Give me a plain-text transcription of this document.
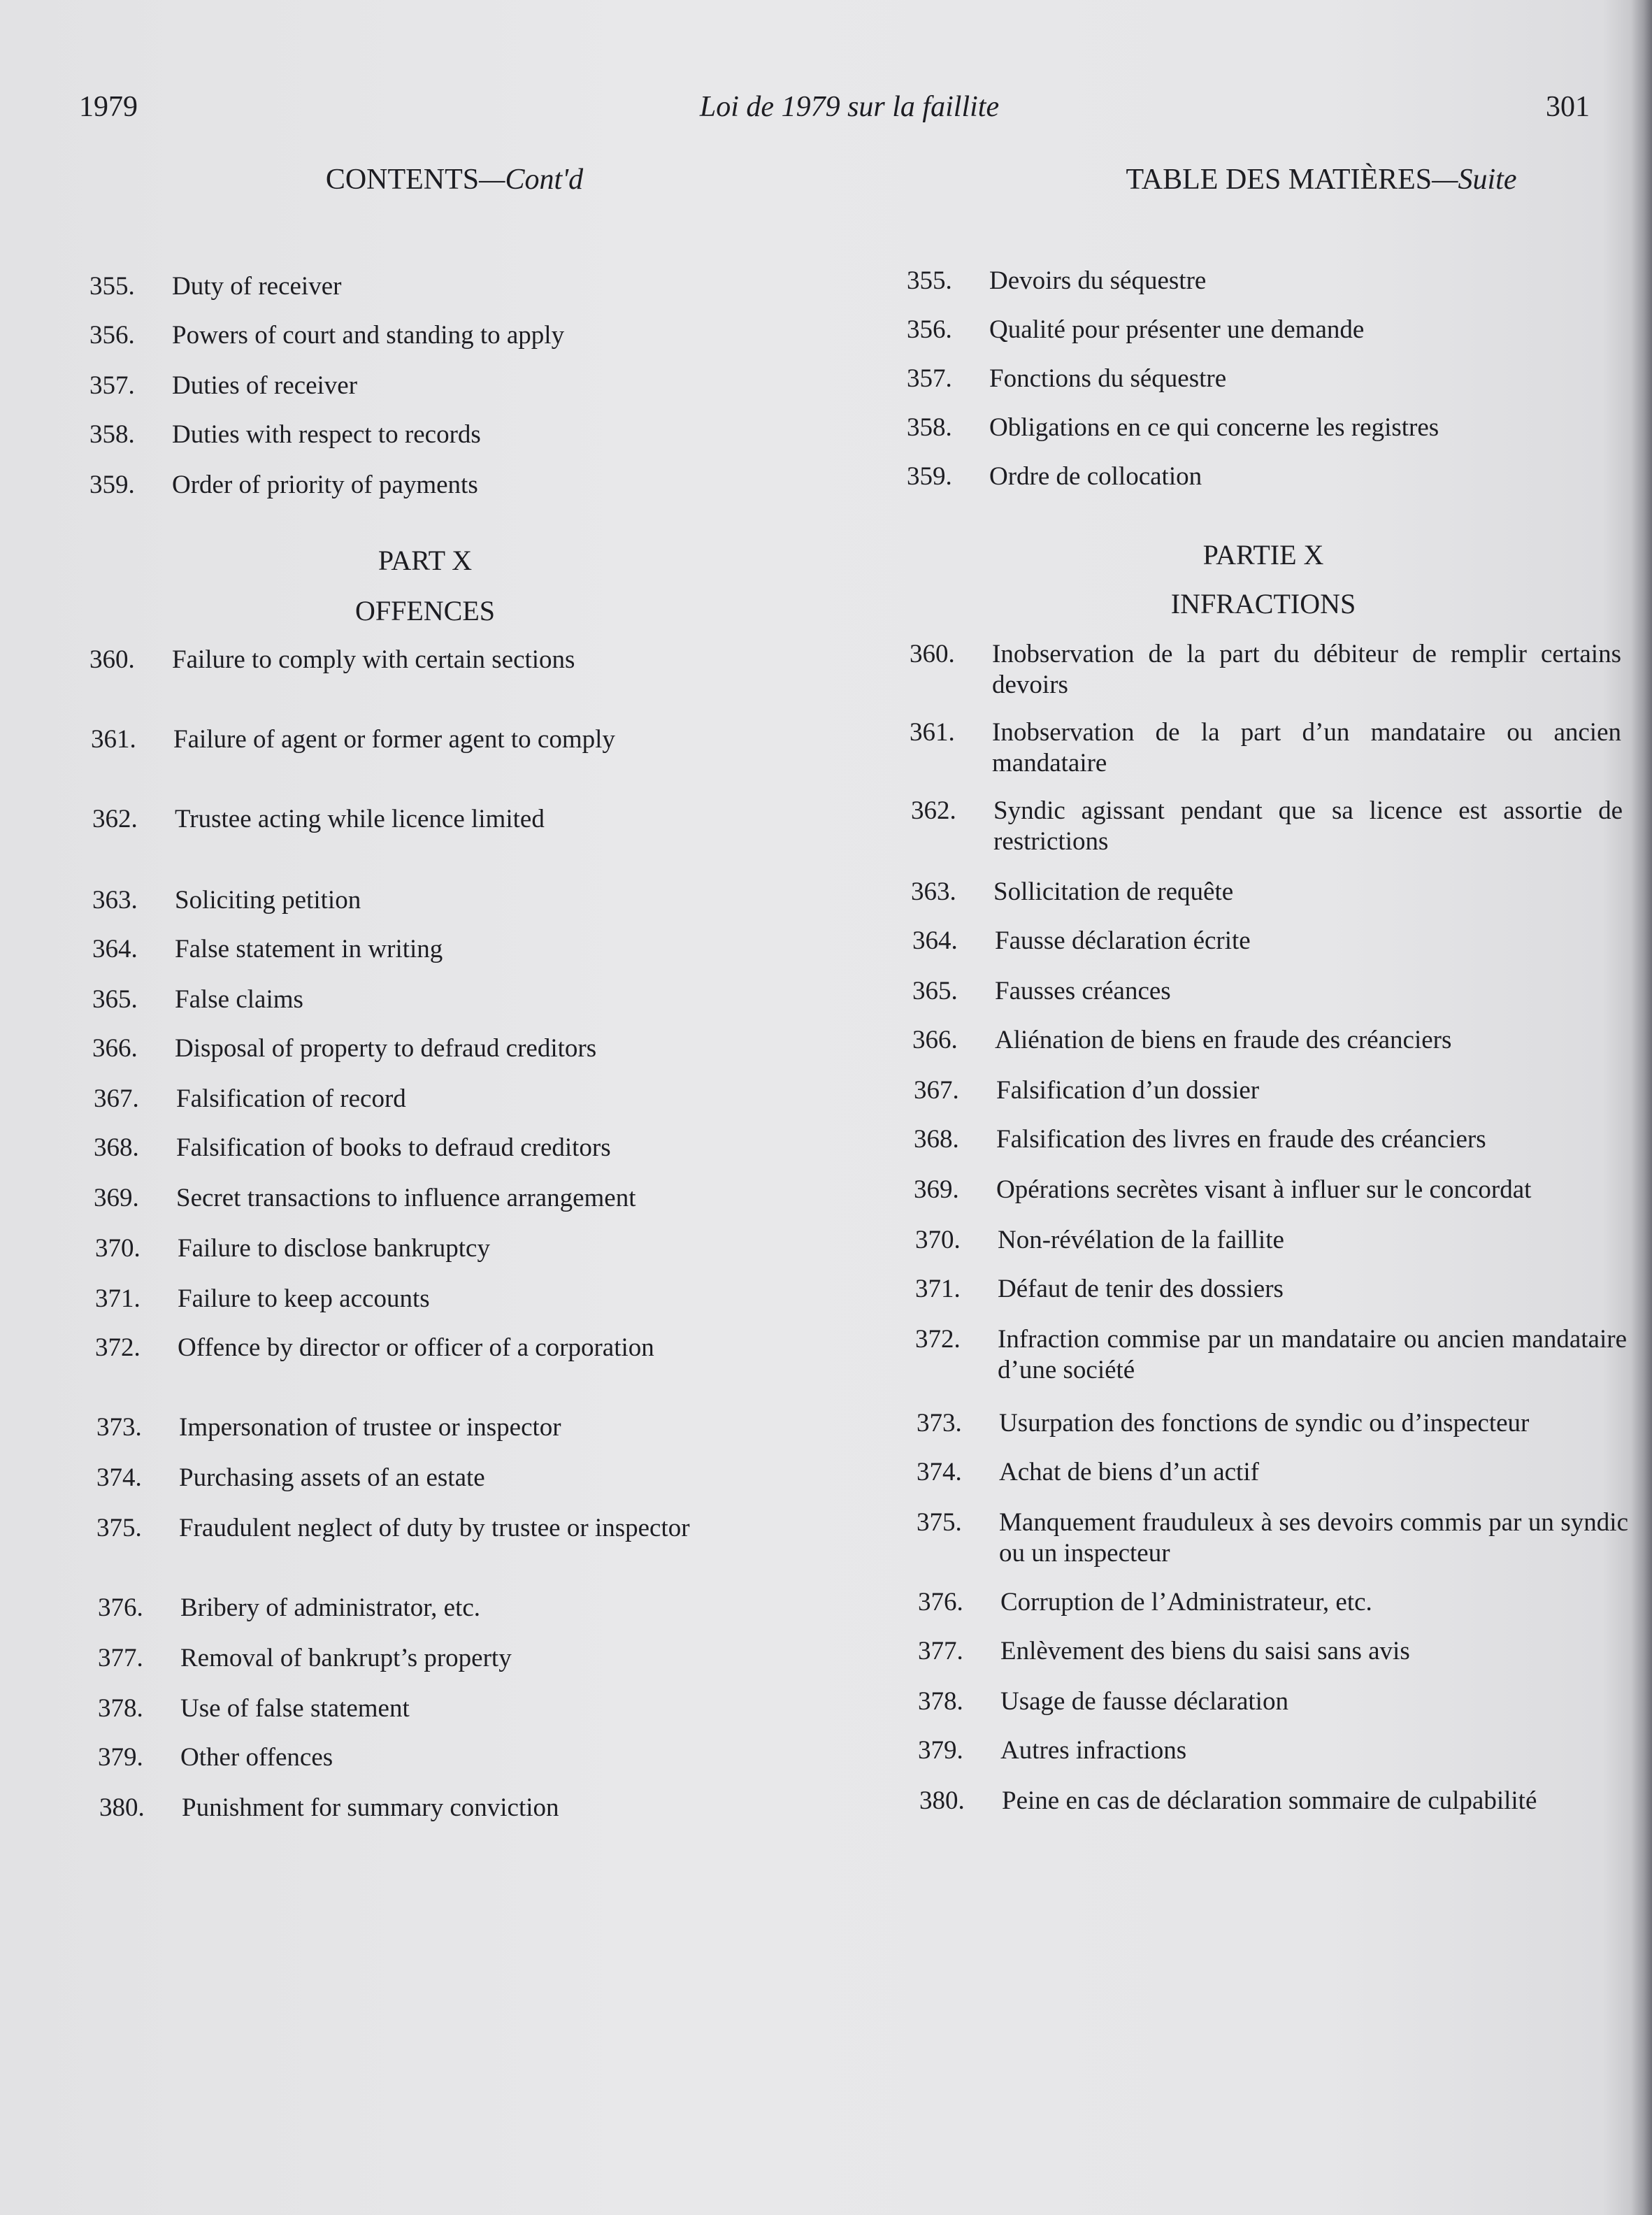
1979	Loi de 1979 sur la faillite	301
CONTENTS—Cont'd	TABLE DES MATIÈRES—Suite
PART X
OFFENCES
355. Duty of receiver
356. Powers of court and standing to apply
357. Duties of receiver
358. Duties with respect to records
359. Order of priority of payments
360. Failure to comply with certain sections
361. Failure of agent or former agent to comply
362. Trustee acting while licence limited
363. Soliciting petition
364. False statement in writing
365. False claims
366. Disposal of property to defraud creditors
367. Falsification of record
368. Falsification of books to defraud creditors
369. Secret transactions to influence arrangement
370. Failure to disclose bankruptcy
371. Failure to keep accounts
372. Offence by director or officer of a corporation
373. Impersonation of trustee or inspector
374. Purchasing assets of an estate
375. Fraudulent neglect of duty by trustee or inspector
376. Bribery of administrator, etc.
377. Removal of bankrupt’s property
378. Use of false statement
379. Other offences
380. Punishment for summary conviction
PARTIE X
INFRACTIONS
355. Devoirs du séquestre
356. Qualité pour présenter une demande
357. Fonctions du séquestre
358. Obligations en ce qui concerne les registres
359. Ordre de collocation
360. Inobservation de la part du débiteur de remplir certains devoirs
361. Inobservation de la part d’un mandataire ou ancien mandataire
362. Syndic agissant pendant que sa licence est assortie de restrictions
363. Sollicitation de requête
364. Fausse déclaration écrite
365. Fausses créances
366. Aliénation de biens en fraude des créanciers
367. Falsification d’un dossier
368. Falsification des livres en fraude des créanciers
369. Opérations secrètes visant à influer sur le concordat
370. Non-révélation de la faillite
371. Défaut de tenir des dossiers
372. Infraction commise par un mandataire ou ancien mandataire d’une société
373. Usurpation des fonctions de syndic ou d’inspecteur
374. Achat de biens d’un actif
375. Manquement frauduleux à ses devoirs commis par un syndic ou un inspecteur
376. Corruption de l’Administrateur, etc.
377. Enlèvement des biens du saisi sans avis
378. Usage de fausse déclaration
379. Autres infractions
380. Peine en cas de déclaration sommaire de culpabilité
